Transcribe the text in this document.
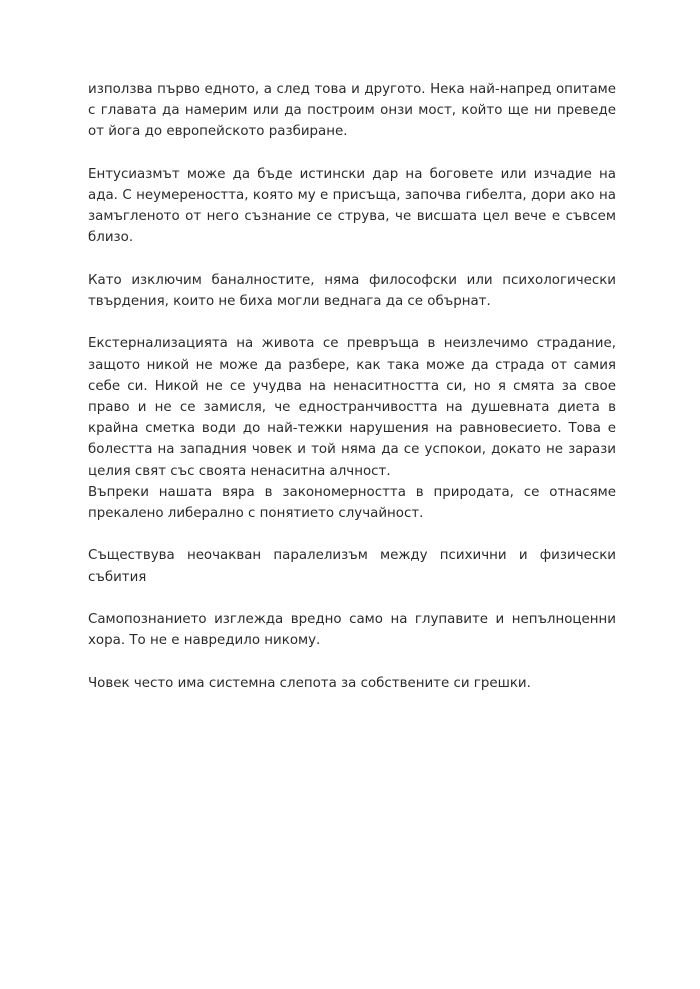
използва първо едното, а след това и другото. Нека най-напред опитаме с главата да намерим или да построим онзи мост, който ще ни преведе от йога до европейското разбиране.

Ентусиазмът може да бъде истински дар на боговете или изчадие на ада. С неумереността, която му е присъща, започва гибелта, дори ако на замъгленото от него съзнание се струва, че висшата цел вече е съвсем близо.

Като изключим баналностите, няма философски или психологически твърдения, които не биха могли веднага да се обърнат.

Екстернализацията на живота се превръща в неизлечимо страдание, защото никой не може да разбере, как така може да страда от самия себе си. Никой не се учудва на ненаситността си, но я смята за свое право и не се замисля, че едностранчивостта на душевната диета в крайна сметка води до най-тежки нарушения на равновесието. Това е болестта на западния човек и той няма да се успокои, докато не зарази целия свят със своята ненаситна алчност.

Въпреки нашата вяра в закономерността в природата, се отнасяме прекалено либерално с понятието случайност.

Съществува неочакван паралелизъм между психични и физически събития

Самопознанието изглежда вредно само на глупавите и непълноценни хора. То не е навредило никому.

Човек често има системна слепота за собствените си грешки.
